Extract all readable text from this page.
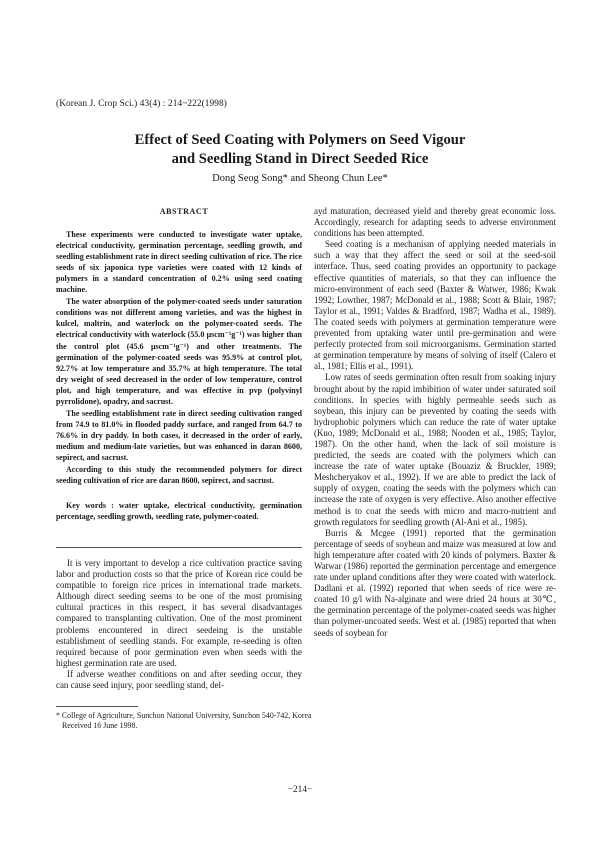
(Korean J. Crop Sci.) 43(4) : 214~222(1998)
Effect of Seed Coating with Polymers on Seed Vigour
and Seedling Stand in Direct Seeded Rice
Dong Seog Song* and Sheong Chun Lee*

ABSTRACT

These experiments were conducted to investigate water uptake, electrical conductivity, germination percentage, seedling growth, and seedling establishment rate in direct seeding cultivation of rice. The rice seeds of six japonica type varieties were coated with 12 kinds of polymers in a standard concentration of 0.2% using seed coating machine.

The water absorption of the polymer-coated seeds under saturation conditions was not different among varieties, and was the highest in kulcel, maltrin, and waterlock on the polymer-coated seeds. The electrical conductivity with waterlock (55.0 μscm⁻¹g⁻¹) was higher than the control plot (45.6 μscm⁻¹g⁻¹) and other treatments. The germination of the polymer-coated seeds was 95.9% at control plot, 92.7% at low temperature and 35.7% at high temperature. The total dry weight of seed decreased in the order of low temperature, control plot, and high temperature, and was effective in pvp (polyvinyl pyrrolidone), opadry, and sacrust.

The seedling establishment rate in direct seeding cultivation ranged from 74.9 to 81.0% in flooded paddy surface, and ranged from 64.7 to 76.6% in dry paddy. In both cases, it decreased in the order of early, medium and medium-late varieties, but was enhanced in daran 8600, sepirect, and sacrust.

According to this study the recommended polymers for direct seeding cultivation of rice are daran 8600, sepirect, and sacrust.

Key words : water uptake, electrical conductivity, germination percentage, seedling growth, seedling rate, polymer-coated.

It is very important to develop a rice cultivation practice saving labor and production costs so that the price of Korean rice could be compatible to foreign rice prices in international trade markets. Although direct seeding seems to be one of the most promising cultural practices in this respect, it has several disadvantages compared to transplanting cultivation. One of the most prominent problems encountered in direct seedeing is the unstable establishment of seedling stands. For example, re-seeding is often required because of poor germination even when seeds with the highest germination rate are used.

If adverse weather conditions on and after seeding occur, they can cause seed injury, poor seedling stand, del-

ayd maturation, decreased yield and thereby great economic loss. Accordingly, research for adapting seeds to adverse environment conditions has been attempted.

Seed coating is a mechanism of applying needed materials in such a way that they affect the seed or soil at the seed-soil interface. Thus, seed coating provides an opportunity to package effective quantities of materials, so that they can influence the micro-environment of each seed (Baxter & Watwer, 1986; Kwak 1992; Lowther, 1987; McDonald et al., 1988; Scott & Blair, 1987; Taylor et al., 1991; Valdes & Bradford, 1987; Wadha et al., 1989). The coated seeds with polymers at germination temperature were prevented from uptaking water until pre-germination and were perfectly protected from soil microorganisms. Germination started at germination temperature by means of solving of itself (Calero et al., 1981; Ellis et al., 1991).

Low rates of seeds germination often result from soaking injury brought about by the rapid imbibition of water under saturated soil conditions. In species with highly permeable seeds such as soybean, this injury can be prevented by coating the seeds with hydrophobic polymers which can reduce the rate of water uptake (Kuo, 1989; McDonald et al., 1988; Nooden et al., 1985; Taylor, 1987). On the other hand, when the lack of soil moisture is predicted, the seeds are coated with the polymers which can increase the rate of water uptake (Bouaziz & Bruckler, 1989; Meshcheryakov et al., 1992). If we are able to predict the lack of supply of oxygen, coating the seeds with the polymers which can increase the rate of oxygen is very effective. Also another effective method is to coat the seeds with micro and macro-nutrient and growth regulators for seedling growth (Al-Ani et al., 1985).

Burris & Mcgee (1991) reported that the germination percentage of seeds of soybean and maize was measured at low and high temperature after coated with 20 kinds of polymers. Baxter & Watwar (1986) reported the germination percentage and emergence rate under upland conditions after they were coated with waterlock. Dadlani et al. (1992) reported that when seeds of rice were re-coated 10 g/l with Na-alginate and were dried 24 hours at 30℃, the germination percentage of the polymer-coated seeds was higher than polymer-uncoated seeds. West et al. (1985) reported that when seeds of soybean for

* College of Agriculture, Sunchon National University, Sunchon 540-742, Korea
Received 16 June 1998.
−214−
